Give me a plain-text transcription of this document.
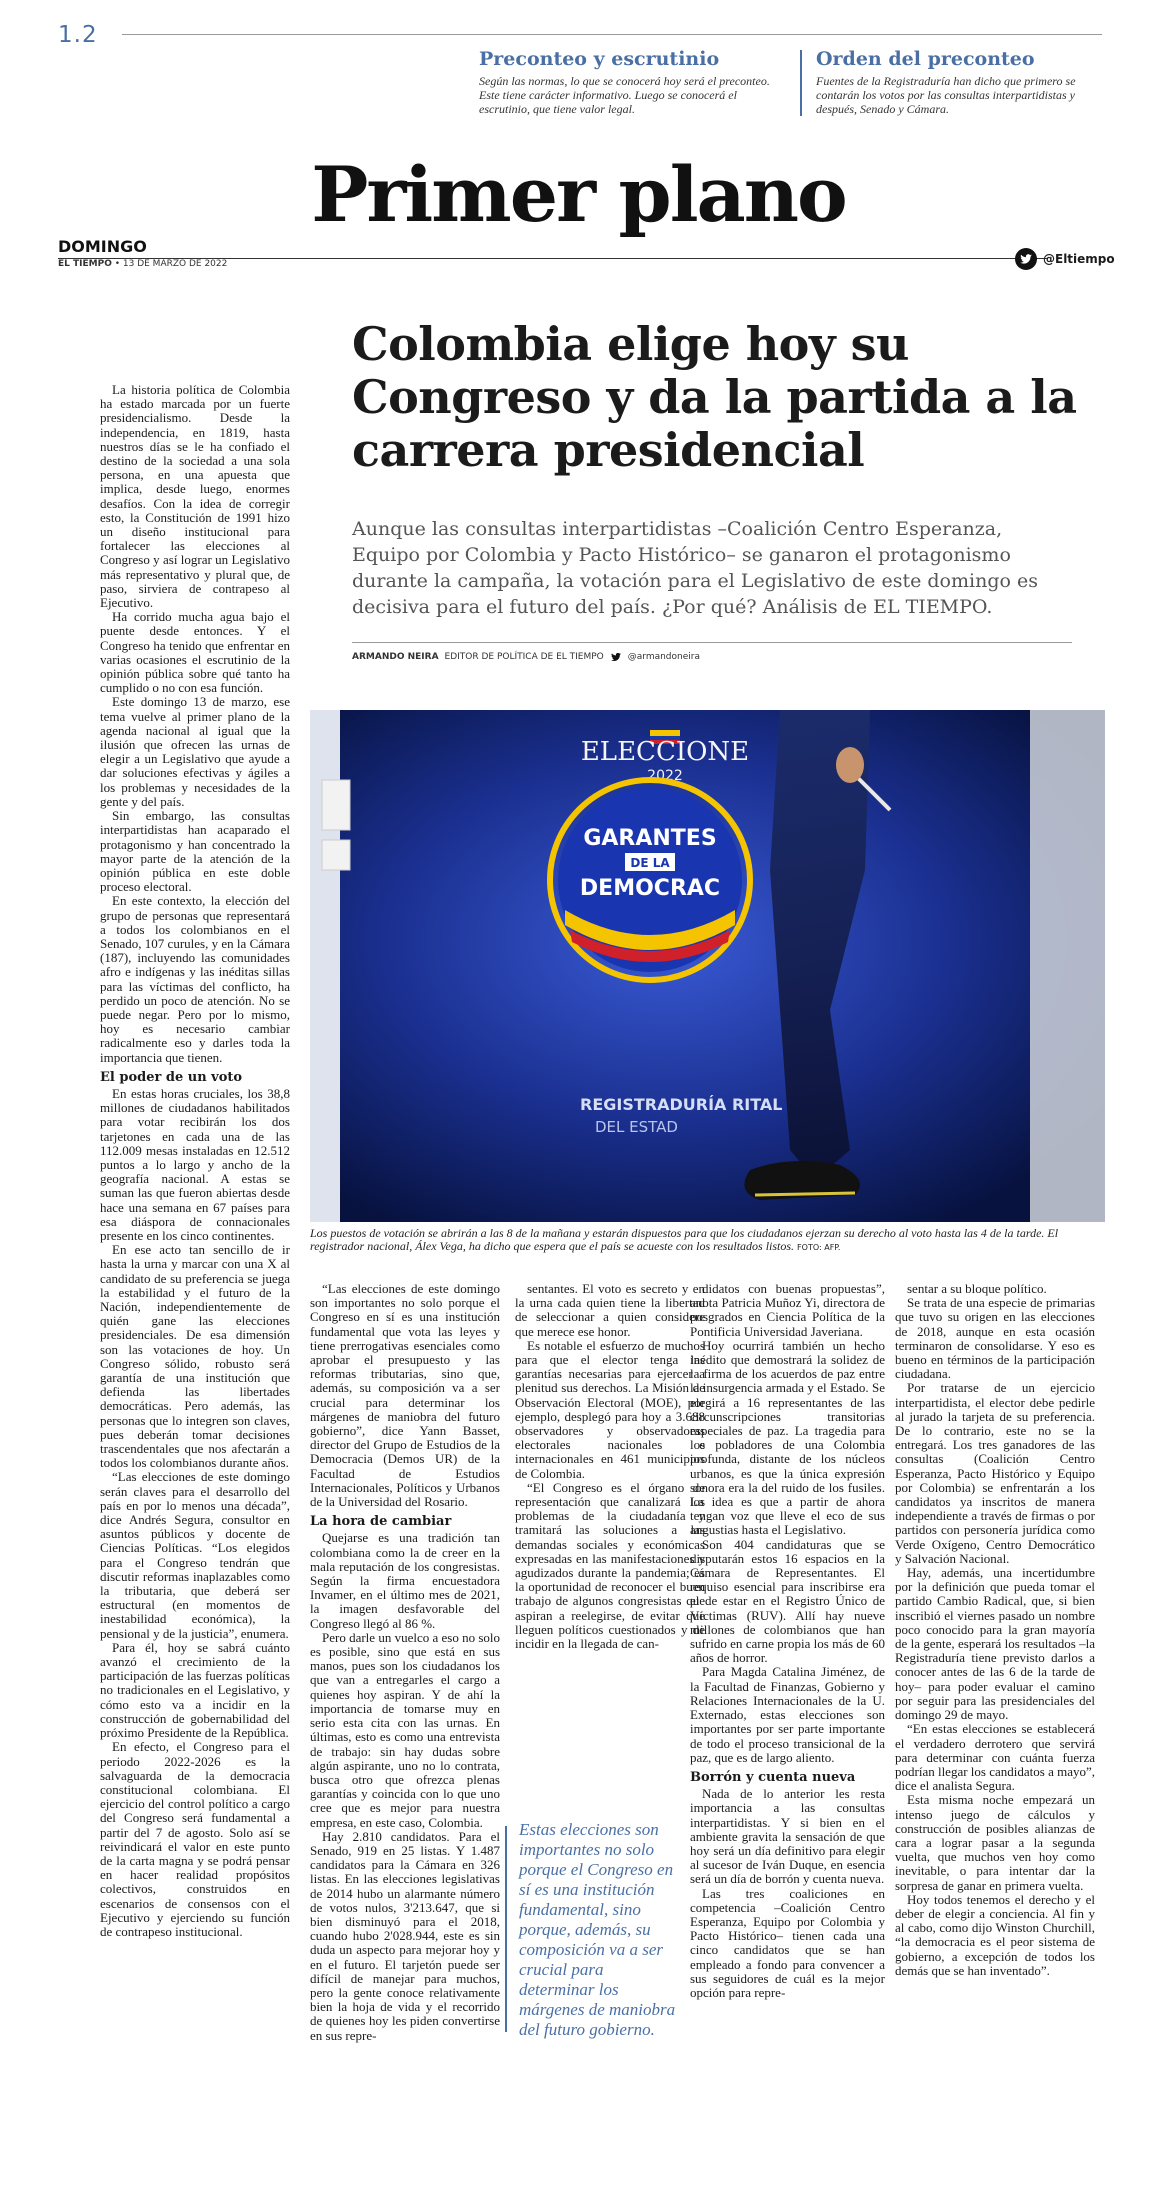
1.2
Preconteo y escrutinio

Según las normas, lo que se conocerá hoy será el preconteo. Este tiene carácter informativo. Luego se conocerá el escrutinio, que tiene valor legal.

Orden del preconteo

Fuentes de la Registraduría han dicho que primero se contarán los votos por las consultas interpartidistas y después, Senado y Cámara.

Primer plano
DOMINGO
EL TIEMPO • 13 DE MARZO DE 2022	@Eltiempo
Colombia elige hoy su Congreso y da la partida a la carrera presidencial

Aunque las consultas interpartidistas –Coalición Centro Esperanza, Equipo por Colombia y Pacto Histórico– se ganaron el protagonismo durante la campaña, la votación para el Legislativo de este domingo es decisiva para el futuro del país. ¿Por qué? Análisis de EL TIEMPO.

ARMANDO NEIRA EDITOR DE POLÍTICA DE EL TIEMPO	@armandoneira
ELECCIONE
2022
GARANTES
DE LA
DEMOCRAC
REGISTRADURÍA RITAL
DEL ESTAD

Los puestos de votación se abrirán a las 8 de la mañana y estarán dispuestos para que los ciudadanos ejerzan su derecho al voto hasta las 4 de la tarde. El registrador nacional, Álex Vega, ha dicho que espera que el país se acueste con los resultados listos. FOTO: AFP.

La historia política de Colombia ha estado marcada por un fuerte presidencialismo. Desde la independencia, en 1819, hasta nuestros días se le ha confiado el destino de la sociedad a una sola persona, en una apuesta que implica, desde luego, enormes desafíos. Con la idea de corregir esto, la Constitución de 1991 hizo un diseño institucional para fortalecer las elecciones al Congreso y así lograr un Legislativo más representativo y plural que, de paso, sirviera de contrapeso al Ejecutivo.

Ha corrido mucha agua bajo el puente desde entonces. Y el Congreso ha tenido que enfrentar en varias ocasiones el escrutinio de la opinión pública sobre qué tanto ha cumplido o no con esa función.

Este domingo 13 de marzo, ese tema vuelve al primer plano de la agenda nacional al igual que la ilusión que ofrecen las urnas de elegir a un Legislativo que ayude a dar soluciones efectivas y ágiles a los problemas y necesidades de la gente y del país.

Sin embargo, las consultas interpartidistas han acaparado el protagonismo y han concentrado la mayor parte de la atención de la opinión pública en este doble proceso electoral.

En este contexto, la elección del grupo de personas que representará a todos los colombianos en el Senado, 107 curules, y en la Cámara (187), incluyendo las comunidades afro e indígenas y las inéditas sillas para las víctimas del conflicto, ha perdido un poco de atención. No se puede negar. Pero por lo mismo, hoy es necesario cambiar radicalmente eso y darles toda la importancia que tienen.

El poder de un voto

En estas horas cruciales, los 38,8 millones de ciudadanos habilitados para votar recibirán los dos tarjetones en cada una de las 112.009 mesas instaladas en 12.512 puntos a lo largo y ancho de la geografía nacional. A estas se suman las que fueron abiertas desde hace una semana en 67 países para esa diáspora de connacionales presente en los cinco continentes.

En ese acto tan sencillo de ir hasta la urna y marcar con una X al candidato de su preferencia se juega la estabilidad y el futuro de la Nación, independientemente de quién gane las elecciones presidenciales. De esa dimensión son las votaciones de hoy. Un Congreso sólido, robusto será garantía de una institución que defienda las libertades democráticas. Pero además, las personas que lo integren son claves, pues deberán tomar decisiones trascendentales que nos afectarán a todos los colombianos durante años.

“Las elecciones de este domingo serán claves para el desarrollo del país en por lo menos una década”, dice Andrés Segura, consultor en asuntos públicos y docente de Ciencias Políticas. “Los elegidos para el Congreso tendrán que discutir reformas inaplazables como la tributaria, que deberá ser estructural (en momentos de inestabilidad económica), la pensional y de la justicia”, enumera.

Para él, hoy se sabrá cuánto avanzó el crecimiento de la participación de las fuerzas políticas no tradicionales en el Legislativo, y cómo esto va a incidir en la construcción de gobernabilidad del próximo Presidente de la República.

En efecto, el Congreso para el periodo 2022-2026 es la salvaguarda de la democracia constitucional colombiana. El ejercicio del control político a cargo del Congreso será fundamental a partir del 7 de agosto. Solo así se reivindicará el valor en este punto de la carta magna y se podrá pensar en hacer realidad propósitos colectivos, construidos en escenarios de consensos con el Ejecutivo y ejerciendo su función de contrapeso institucional.

“Las elecciones de este domingo son importantes no solo porque el Congreso en sí es una institución fundamental que vota las leyes y tiene prerrogativas esenciales como aprobar el presupuesto y las reformas tributarias, sino que, además, su composición va a ser crucial para determinar los márgenes de maniobra del futuro gobierno”, dice Yann Basset, director del Grupo de Estudios de la Democracia (Demos UR) de la Facultad de Estudios Internacionales, Políticos y Urbanos de la Universidad del Rosario.

La hora de cambiar

Quejarse es una tradición tan colombiana como la de creer en la mala reputación de los congresistas. Según la firma encuestadora Invamer, en el último mes de 2021, la imagen desfavorable del Congreso llegó al 86 %.

Pero darle un vuelco a eso no solo es posible, sino que está en sus manos, pues son los ciudadanos los que van a entregarles el cargo a quienes hoy aspiran. Y de ahí la importancia de tomarse muy en serio esta cita con las urnas. En últimas, esto es como una entrevista de trabajo: sin hay dudas sobre algún aspirante, uno no lo contrata, busca otro que ofrezca plenas garantías y coincida con lo que uno cree que es mejor para nuestra empresa, en este caso, Colombia.

Hay 2.810 candidatos. Para el Senado, 919 en 25 listas. Y 1.487 candidatos para la Cámara en 326 listas. En las elecciones legislativas de 2014 hubo un alarmante número de votos nulos, 3'213.647, que si bien disminuyó para el 2018, cuando hubo 2'028.944, este es sin duda un aspecto para mejorar hoy y en el futuro. El tarjetón puede ser difícil de manejar para muchos, pero la gente conoce relativamente bien la hoja de vida y el recorrido de quienes hoy les piden convertirse en sus repre-

sentantes. El voto es secreto y en la urna cada quien tiene la libertad de seleccionar a quien considere que merece ese honor.

Es notable el esfuerzo de muchos para que el elector tenga las garantías necesarias para ejercer a plenitud sus derechos. La Misión de Observación Electoral (MOE), por ejemplo, desplegó para hoy a 3.688 observadores y observadoras electorales nacionales e internacionales en 461 municipios de Colombia.

“El Congreso es el órgano de representación que canalizará los problemas de la ciudadanía y tramitará las soluciones a las demandas sociales y económicas expresadas en las manifestaciones y agudizados durante la pandemia; es la oportunidad de reconocer el buen trabajo de algunos congresistas que aspiran a reelegirse, de evitar que lleguen políticos cuestionados y de incidir en la llegada de can-

Estas elecciones son importantes no solo porque el Congreso en sí es una institución fundamental, sino porque, además, su composición va a ser crucial para determinar los márgenes de maniobra del futuro gobierno.

didatos con buenas propuestas”, anota Patricia Muñoz Yi, directora de posgrados en Ciencia Política de la Pontificia Universidad Javeriana.

Hoy ocurrirá también un hecho inédito que demostrará la solidez de la firma de los acuerdos de paz entre la insurgencia armada y el Estado. Se elegirá a 16 representantes de las circunscripciones transitorias especiales de paz. La tragedia para los pobladores de una Colombia profunda, distante de los núcleos urbanos, es que la única expresión sonora era la del ruido de los fusiles. La idea es que a partir de ahora tengan voz que lleve el eco de sus angustias hasta el Legislativo.

Son 404 candidaturas que se disputarán estos 16 espacios en la Cámara de Representantes. El requiso esencial para inscribirse era el de estar en el Registro Único de Víctimas (RUV). Allí hay nueve millones de colombianos que han sufrido en carne propia los más de 60 años de horror.

Para Magda Catalina Jiménez, de la Facultad de Finanzas, Gobierno y Relaciones Internacionales de la U. Externado, estas elecciones son importantes por ser parte importante de todo el proceso transicional de la paz, que es de largo aliento.

Borrón y cuenta nueva

Nada de lo anterior les resta importancia a las consultas interpartidistas. Y si bien en el ambiente gravita la sensación de que hoy será un día definitivo para elegir al sucesor de Iván Duque, en esencia será un día de borrón y cuenta nueva.

Las tres coaliciones en competencia –Coalición Centro Esperanza, Equipo por Colombia y Pacto Histórico– tienen cada una cinco candidatos que se han empleado a fondo para convencer a sus seguidores de cuál es la mejor opción para repre-

sentar a su bloque político.

Se trata de una especie de primarias que tuvo su origen en las elecciones de 2018, aunque en esta ocasión terminaron de consolidarse. Y eso es bueno en términos de la participación ciudadana.

Por tratarse de un ejercicio interpartidista, el elector debe pedirle al jurado la tarjeta de su preferencia. De lo contrario, este no se la entregará. Los tres ganadores de las consultas (Coalición Centro Esperanza, Pacto Histórico y Equipo por Colombia) se enfrentarán a los candidatos ya inscritos de manera independiente a través de firmas o por partidos con personería jurídica como Verde Oxígeno, Centro Democrático y Salvación Nacional.

Hay, además, una incertidumbre por la definición que pueda tomar el partido Cambio Radical, que, si bien inscribió el viernes pasado un nombre poco conocido para la gran mayoría de la gente, esperará los resultados –la Registraduría tiene previsto darlos a conocer antes de las 6 de la tarde de hoy– para poder evaluar el camino por seguir para las presidenciales del domingo 29 de mayo.

“En estas elecciones se establecerá el verdadero derrotero que servirá para determinar con cuánta fuerza podrían llegar los candidatos a mayo”, dice el analista Segura.

Esta misma noche empezará un intenso juego de cálculos y construcción de posibles alianzas de cara a lograr pasar a la segunda vuelta, que muchos ven hoy como inevitable, o para intentar dar la sorpresa de ganar en primera vuelta.

Hoy todos tenemos el derecho y el deber de elegir a conciencia. Al fin y al cabo, como dijo Winston Churchill, “la democracia es el peor sistema de gobierno, a excepción de todos los demás que se han inventado”.
